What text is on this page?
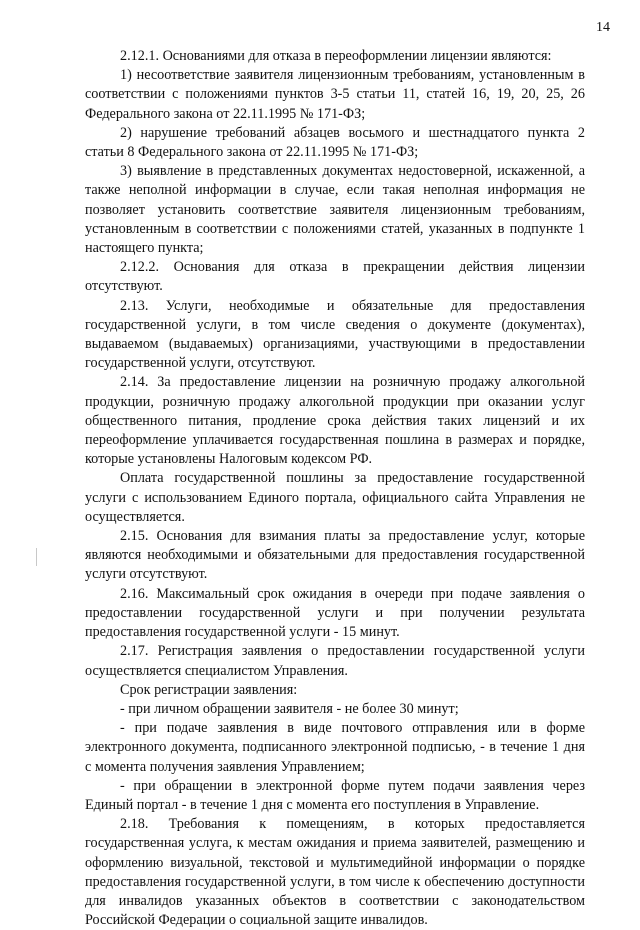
14

2.12.1. Основаниями для отказа в переоформлении лицензии являются:

1) несоответствие заявителя лицензионным требованиям, установленным в соответствии с положениями пунктов 3-5 статьи 11, статей 16, 19, 20, 25, 26 Федерального закона от 22.11.1995 № 171-ФЗ;

2) нарушение требований абзацев восьмого и шестнадцатого пункта 2 статьи 8 Федерального закона от 22.11.1995 № 171-ФЗ;

3) выявление в представленных документах недостоверной, искаженной, а также неполной информации в случае, если такая неполная информация не позволяет установить соответствие заявителя лицензионным требованиям, установленным в соответствии с положениями статей, указанных в подпункте 1 настоящего пункта;

2.12.2. Основания для отказа в прекращении действия лицензии отсутствуют.

2.13. Услуги, необходимые и обязательные для предоставления государственной услуги, в том числе сведения о документе (документах), выдаваемом (выдаваемых) организациями, участвующими в предоставлении государственной услуги, отсутствуют.

2.14. За предоставление лицензии на розничную продажу алкогольной продукции, розничную продажу алкогольной продукции при оказании услуг общественного питания, продление срока действия таких лицензий и их переоформление уплачивается государственная пошлина в размерах и порядке, которые установлены Налоговым кодексом РФ.

Оплата государственной пошлины за предоставление государственной услуги с использованием Единого портала, официального сайта Управления не осуществляется.

2.15. Основания для взимания платы за предоставление услуг, которые являются необходимыми и обязательными для предоставления государственной услуги отсутствуют.

2.16. Максимальный срок ожидания в очереди при подаче заявления о предоставлении государственной услуги и при получении результата предоставления государственной услуги - 15 минут.

2.17. Регистрация заявления о предоставлении государственной услуги осуществляется специалистом Управления.

Срок регистрации заявления:

- при личном обращении заявителя - не более 30 минут;

- при подаче заявления в виде почтового отправления или в форме электронного документа, подписанного электронной подписью, - в течение 1 дня с момента получения заявления Управлением;

- при обращении в электронной форме путем подачи заявления через Единый портал - в течение 1 дня с момента его поступления в Управление.

2.18. Требования к помещениям, в которых предоставляется государственная услуга, к местам ожидания и приема заявителей, размещению и оформлению визуальной, текстовой и мультимедийной информации о порядке предоставления государственной услуги, в том числе к обеспечению доступности для инвалидов указанных объектов в соответствии с законодательством Российской Федерации о социальной защите инвалидов.
